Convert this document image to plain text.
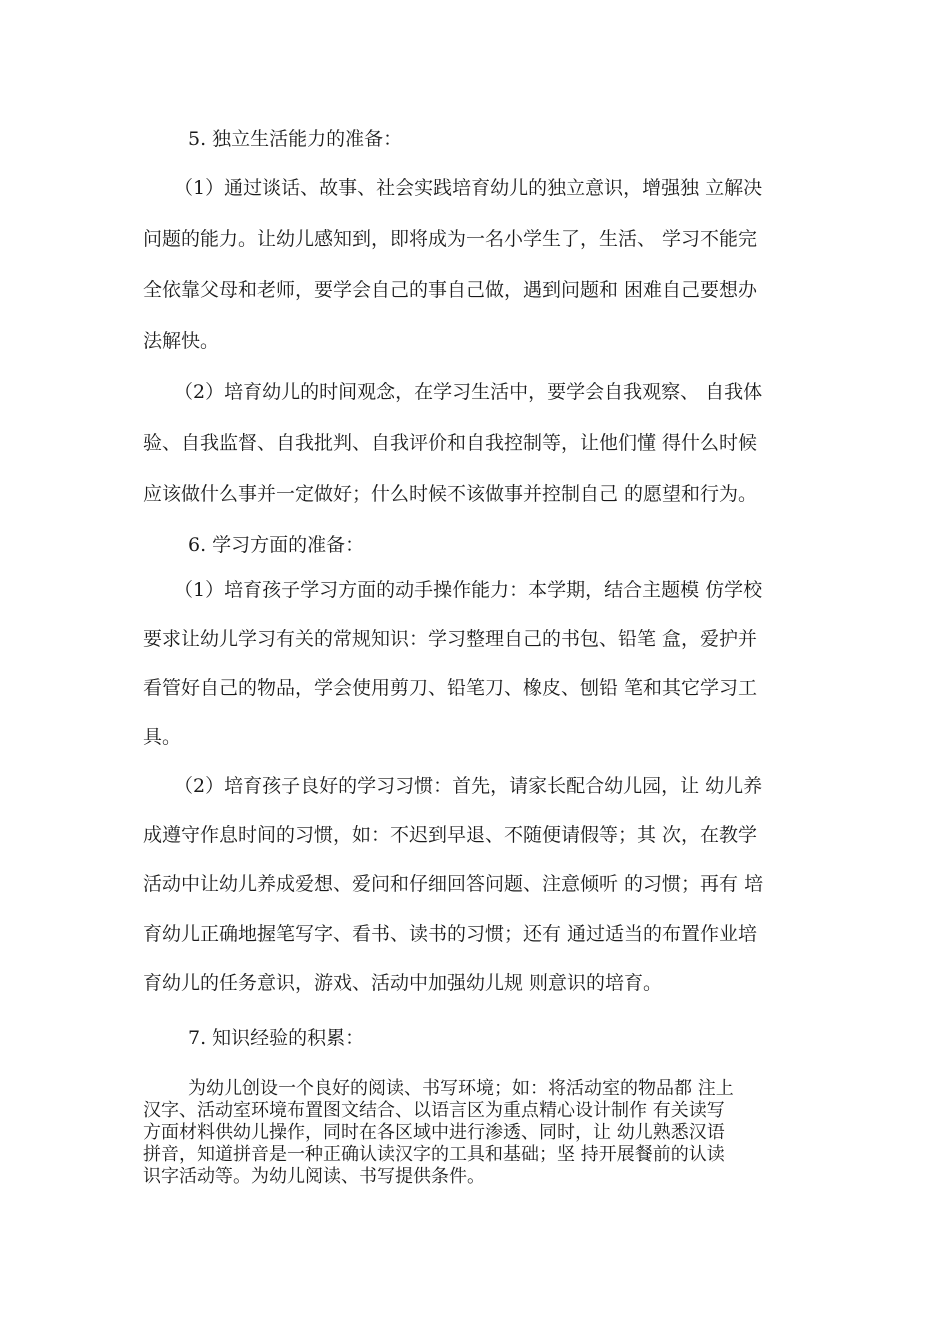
5. 独立生活能力的准备：
（1）通过谈话、故事、社会实践培育幼儿的独立意识，增强独 立解决
问题的能力。让幼儿感知到，即将成为一名小学生了，生活、 学习不能完
全依靠父母和老师，要学会自己的事自己做，遇到问题和 困难自己要想办
法解快。
（2）培育幼儿的时间观念，在学习生活中，要学会自我观察、 自我体
验、自我监督、自我批判、自我评价和自我控制等，让他们懂 得什么时候
应该做什么事并一定做好；什么时候不该做事并控制自己 的愿望和行为。
6. 学习方面的准备：
（1）培育孩子学习方面的动手操作能力：本学期，结合主题模 仿学校
要求让幼儿学习有关的常规知识：学习整理自己的书包、铅笔 盒，爱护并
看管好自己的物品，学会使用剪刀、铅笔刀、橡皮、刨铅 笔和其它学习工
具。
（2）培育孩子良好的学习习惯：首先，请家长配合幼儿园，让 幼儿养
成遵守作息时间的习惯，如：不迟到早退、不随便请假等；其 次，在教学
活动中让幼儿养成爱想、爱问和仔细回答问题、注意倾听 的习惯；再有 培
育幼儿正确地握笔写字、看书、读书的习惯；还有 通过适当的布置作业培
育幼儿的任务意识，游戏、活动中加强幼儿规 则意识的培育。
7. 知识经验的积累：
为幼儿创设一个良好的阅读、书写环境；如：将活动室的物品都 注上
汉字、活动室环境布置图文结合、以语言区为重点精心设计制作 有关读写
方面材料供幼儿操作，同时在各区域中进行渗透、同时，让 幼儿熟悉汉语
拼音，知道拼音是一种正确认读汉字的工具和基础；坚 持开展餐前的认读
识字活动等。为幼儿阅读、书写提供条件。
